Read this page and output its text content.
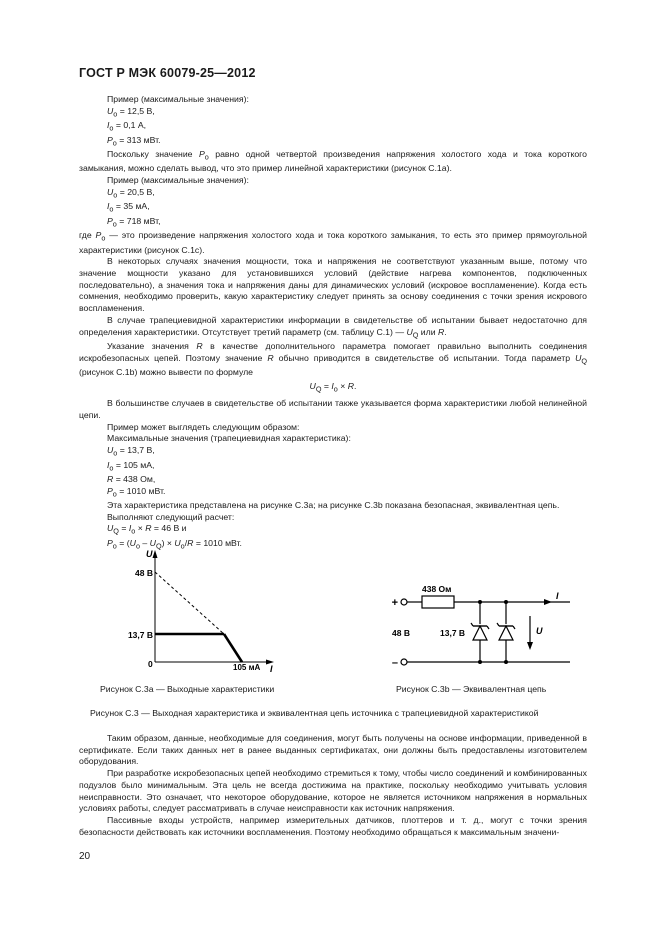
ГОСТ Р МЭК 60079-25—2012

Пример (максимальные значения):

$U_o = 12,5$ В,

$I_o = 0,1$ А,

$P_o = 313$ мВт.

Поскольку значение $P_o$ равно одной четвертой произведения напряжения холостого хода и тока короткого замыкания, можно сделать вывод, что это пример линейной характеристики (рисунок С.1а).

Пример (максимальные значения):

$U_o = 20,5$ В,

$I_o = 35$ мА,

$P_o = 718$ мВт,

где $P_o$ — это произведение напряжения холостого хода и тока короткого замыкания, то есть это пример прямоугольной характеристики (рисунок С.1с).

В некоторых случаях значения мощности, тока и напряжения не соответствуют указанным выше, потому что значение мощности указано для установившихся условий (действие нагрева компонентов, подключенных последовательно), а значения тока и напряжения даны для динамических условий (искровое воспламенение). Когда есть сомнения, необходимо проверить, какую характеристику следует принять за основу соединения с точки зрения искрового воспламенения.

В случае трапециевидной характеристики информации в свидетельстве об испытании бывает недостаточно для определения характеристики. Отсутствует третий параметр (см. таблицу С.1) — $U_Q$ или R.

Указание значения R в качестве дополнительного параметра помогает правильно выполнить соединения искробезопасных цепей. Поэтому значение R обычно приводится в свидетельстве об испытании. Тогда параметр $U_Q$ (рисунок С.1b) можно вывести по формуле

$U_Q = I_o \times R$.

В большинстве случаев в свидетельстве об испытании также указывается форма характеристики любой нелинейной цепи.

Пример может выглядеть следующим образом:

Максимальные значения (трапециевидная характеристика):

$U_o = 13,7$ В,

$I_o = 105$ мА,

R = 438 Ом,

$P_o = 1010$ мВт.

Эта характеристика представлена на рисунке С.3а; на рисунке С.3b показана безопасная, эквивалентная цепь.

Выполняют следующий расчет:

$U_Q = I_o \times R = 46$ В и

$P_o = (U_o - U_Q) \times U_o/R = 1010$ мВт.

U
I
48 В
13,7 В
0	105 мА
Рисунок С.3а — Выходные характеристики
+
–
438 Ом
48 В	13,7 В
I
U
Рисунок С.3b — Эквивалентная цепь
Рисунок С.3 — Выходная характеристика и эквивалентная цепь источника с трапециевидной характеристикой

Таким образом, данные, необходимые для соединения, могут быть получены на основе информации, приведенной в сертификате. Если таких данных нет в ранее выданных сертификатах, они должны быть предоставлены изготовителем оборудования.

При разработке искробезопасных цепей необходимо стремиться к тому, чтобы число соединений и комбинированных подузлов было минимальным. Эта цель не всегда достижима на практике, поскольку необходимо учитывать условия неисправности. Это означает, что некоторое оборудование, которое не является источником напряжения в нормальных условиях работы, следует рассматривать в случае неисправности как источник напряжения.

Пассивные входы устройств, например измерительных датчиков, плоттеров и т. д., могут с точки зрения безопасности действовать как источники воспламенения. Поэтому необходимо обращаться к максимальным значени-

20
